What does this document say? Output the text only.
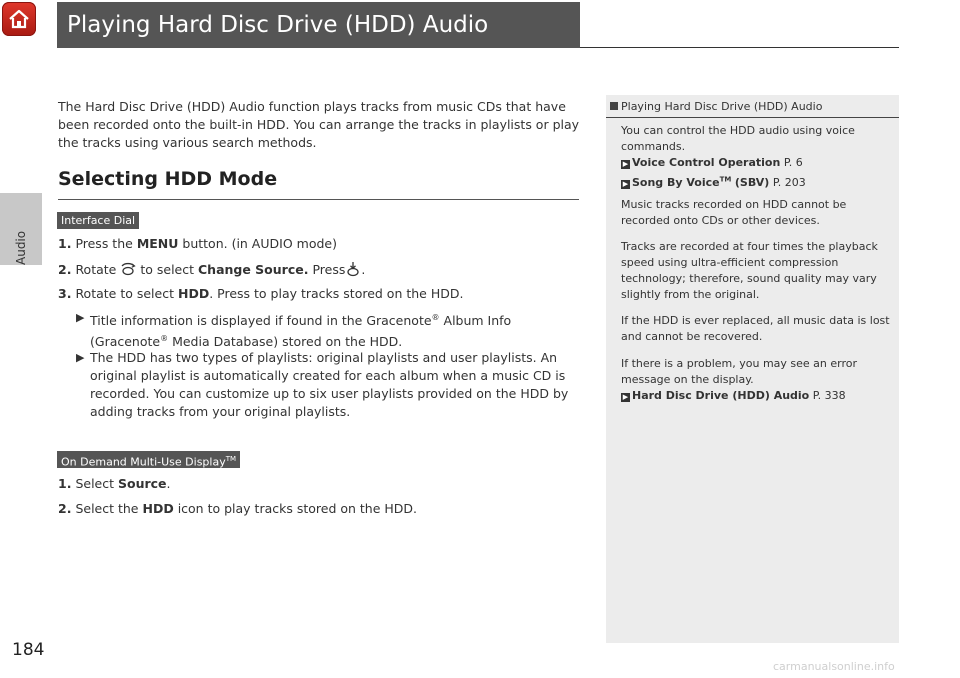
Audio
Playing Hard Disc Drive (HDD) Audio

The Hard Disc Drive (HDD) Audio function plays tracks from music CDs that have been recorded onto the built-in HDD. You can arrange the tracks in playlists or play the tracks using various search methods.

Selecting HDD Mode
Interface Dial
1. Press the MENU button. (in AUDIO mode)
2. Rotate to select Change Source. Press .
3. Rotate to select HDD. Press to play tracks stored on the HDD.

▶ Title information is displayed if found in the Gracenote® Album Info (Gracenote® Media Database) stored on the HDD.

▶ The HDD has two types of playlists: original playlists and user playlists. An original playlist is automatically created for each album when a music CD is recorded. You can customize up to six user playlists provided on the HDD by adding tracks from your original playlists.

On Demand Multi-Use Display™
1. Select Source.
2. Select the HDD icon to play tracks stored on the HDD.
Playing Hard Disc Drive (HDD) Audio

You can control the HDD audio using voice commands.
▶ Voice Control Operation P. 6
▶ Song By Voice™ (SBV) P. 203

Music tracks recorded on HDD cannot be recorded onto CDs or other devices.

Tracks are recorded at four times the playback speed using ultra-efficient compression technology; therefore, sound quality may vary slightly from the original.

If the HDD is ever replaced, all music data is lost and cannot be recovered.

If there is a problem, you may see an error message on the display.
▶ Hard Disc Drive (HDD) Audio P. 338

184
carmanualsonline.info
